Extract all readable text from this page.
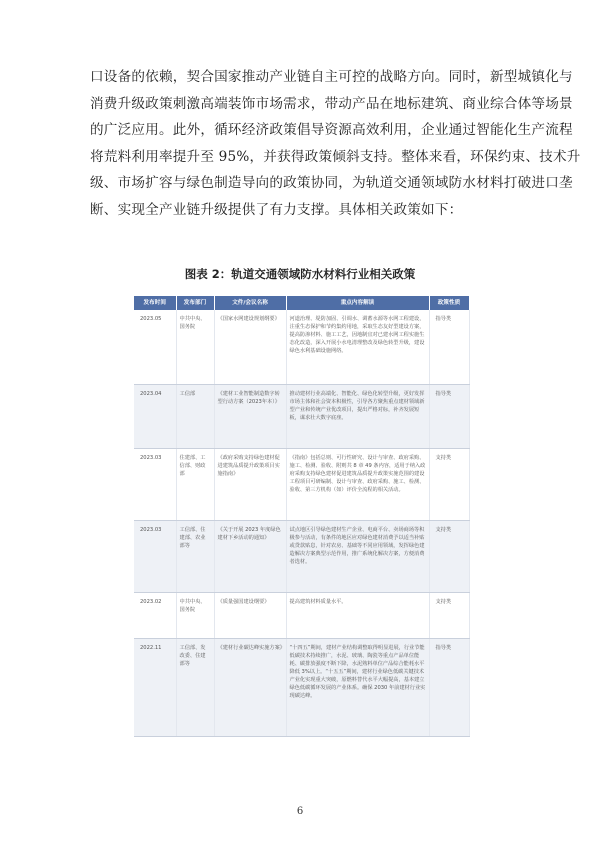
口设备的依赖，契合国家推动产业链自主可控的战略方向。同时，新型城镇化与
消费升级政策刺激高端装饰市场需求，带动产品在地标建筑、商业综合体等场景
的广泛应用。此外，循环经济政策倡导资源高效利用，企业通过智能化生产流程
将荒料利用率提升至 95%，并获得政策倾斜支持。整体来看，环保约束、技术升
级、市场扩容与绿色制造导向的政策协同，为轨道交通领域防水材料打破进口垄
断、实现全产业链升级提供了有力支撑。具体相关政策如下：
图表 2：轨道交通领域防水材料行业相关政策
发布时间	发布部门	文件/会议名称	重点内容解读	政策性质
2023.05	中共中央、国务院	《国家水网建设规划纲要》	河道治理、堤防加固、引调水、调蓄水源等水网工程建设，注重生态保护和节约集约用地，采取生态友好型建设方案，提高防渗材料、施工工艺，因地制宜对已建水网工程实施生态化改造，深入开展小水电清理整改及绿色转型升级，建设绿色水利基础设施网络。	指导类
2023.04	工信部	《建材工业智能制造数字转型行动方案（2023年本）》	推动建材行业高端化、智能化、绿色化转型升级，更好发挥市场主体和社会资本积极性，引导各方聚焦重点建材领域新型产业和传统产业优改项目，提出严格对标，补齐发展短板，谋求壮大数字底座。	指导类
2023.03	住建部、工信部、财政部	《政府采购支持绿色建材促进建筑品质提升政策项目实施指南》	《指南》包括总则、可行性研究、设计与审查、政府采购、施工、检测、验收、附则共 8 章 49 条内容，适用于纳入政府采购支持绿色建材促进建筑品质提升政策实施范围的建设工程项目可研编制、设计与审查、政府采购、施工、检测、验收、第三方机构（如）评价全流程的相关活动。	支持类
2023.03	工信部、住建部、农业部等	《关于开展 2023 年度绿色建材下乡活动的通知》	试点地区引导绿色建材生产企业、电商平台、卖场商场等积极参与活动，有条件的地区应对绿色建材消费予以适当补贴或贷款贴息，针对农房、基础等不同应用领域，发挥绿色建造解决方案典型示范作用，推广系统化解决方案，方便消费者选材。	支持类
2023.02	中共中央、国务院	《质量强国建设纲要》	提高建筑材料质量水平。	支持类
2022.11	工信部、发改委、住建部等	《建材行业碳达峰实施方案》	“十四五”期间，建材产业结构调整取得明显进展，行业节能低碳技术持续推广，水泥、玻璃、陶瓷等重点产品单位能耗、碳排放强度不断下降，水泥熟料单位产品综合能耗水平降低 3%以上。“十五五”期间，建材行业绿色低碳关键技术产业化实现重大突破，原燃料替代水平大幅提高，基本建立绿色低碳循环发展的产业体系。确保 2030 年前建材行业实现碳达峰。	指导类
6
